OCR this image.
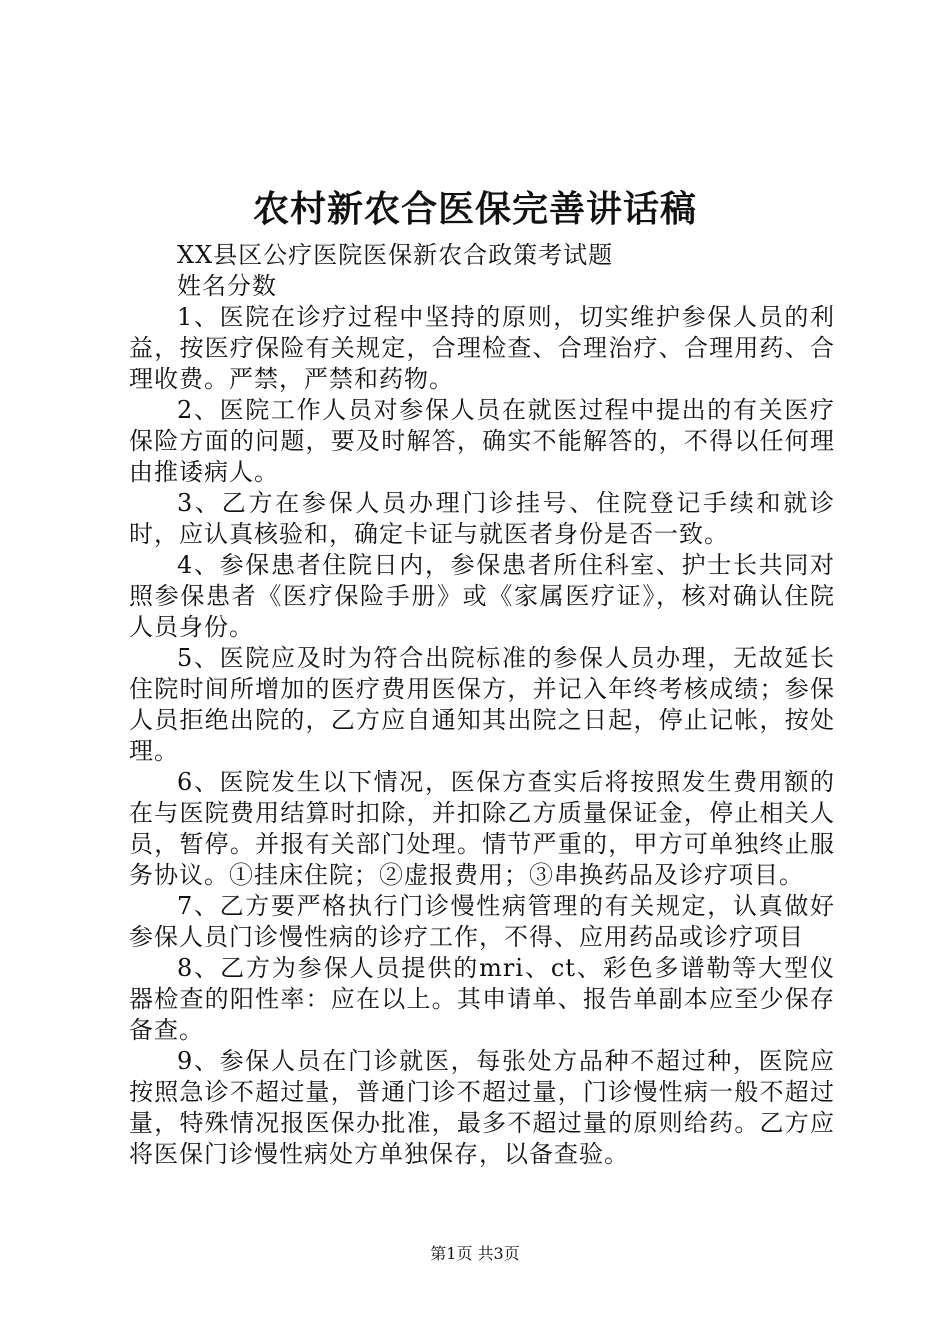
农村新农合医保完善讲话稿

XX县区公疗医院医保新农合政策考试题

姓名分数

1、医院在诊疗过程中坚持的原则，切实维护参保人员的利益，按医疗保险有关规定，合理检查、合理治疗、合理用药、合理收费。严禁，严禁和药物。

2、医院工作人员对参保人员在就医过程中提出的有关医疗保险方面的问题，要及时解答，确实不能解答的，不得以任何理由推诿病人。

3、乙方在参保人员办理门诊挂号、住院登记手续和就诊时，应认真核验和，确定卡证与就医者身份是否一致。

4、参保患者住院日内，参保患者所住科室、护士长共同对照参保患者《医疗保险手册》或《家属医疗证》，核对确认住院人员身份。

5、医院应及时为符合出院标准的参保人员办理，无故延长住院时间所增加的医疗费用医保方，并记入年终考核成绩；参保人员拒绝出院的，乙方应自通知其出院之日起，停止记帐，按处理。

6、医院发生以下情况，医保方查实后将按照发生费用额的在与医院费用结算时扣除，并扣除乙方质量保证金，停止相关人员，暂停。并报有关部门处理。情节严重的，甲方可单独终止服务协议。①挂床住院；②虚报费用；③串换药品及诊疗项目。

7、乙方要严格执行门诊慢性病管理的有关规定，认真做好参保人员门诊慢性病的诊疗工作，不得、应用药品或诊疗项目

8、乙方为参保人员提供的mri、ct、彩色多谱勒等大型仪器检查的阳性率：应在以上。其申请单、报告单副本应至少保存备查。

9、参保人员在门诊就医，每张处方品种不超过种，医院应按照急诊不超过量，普通门诊不超过量，门诊慢性病一般不超过量，特殊情况报医保办批准，最多不超过量的原则给药。乙方应将医保门诊慢性病处方单独保存，以备查验。

第1页 共3页
